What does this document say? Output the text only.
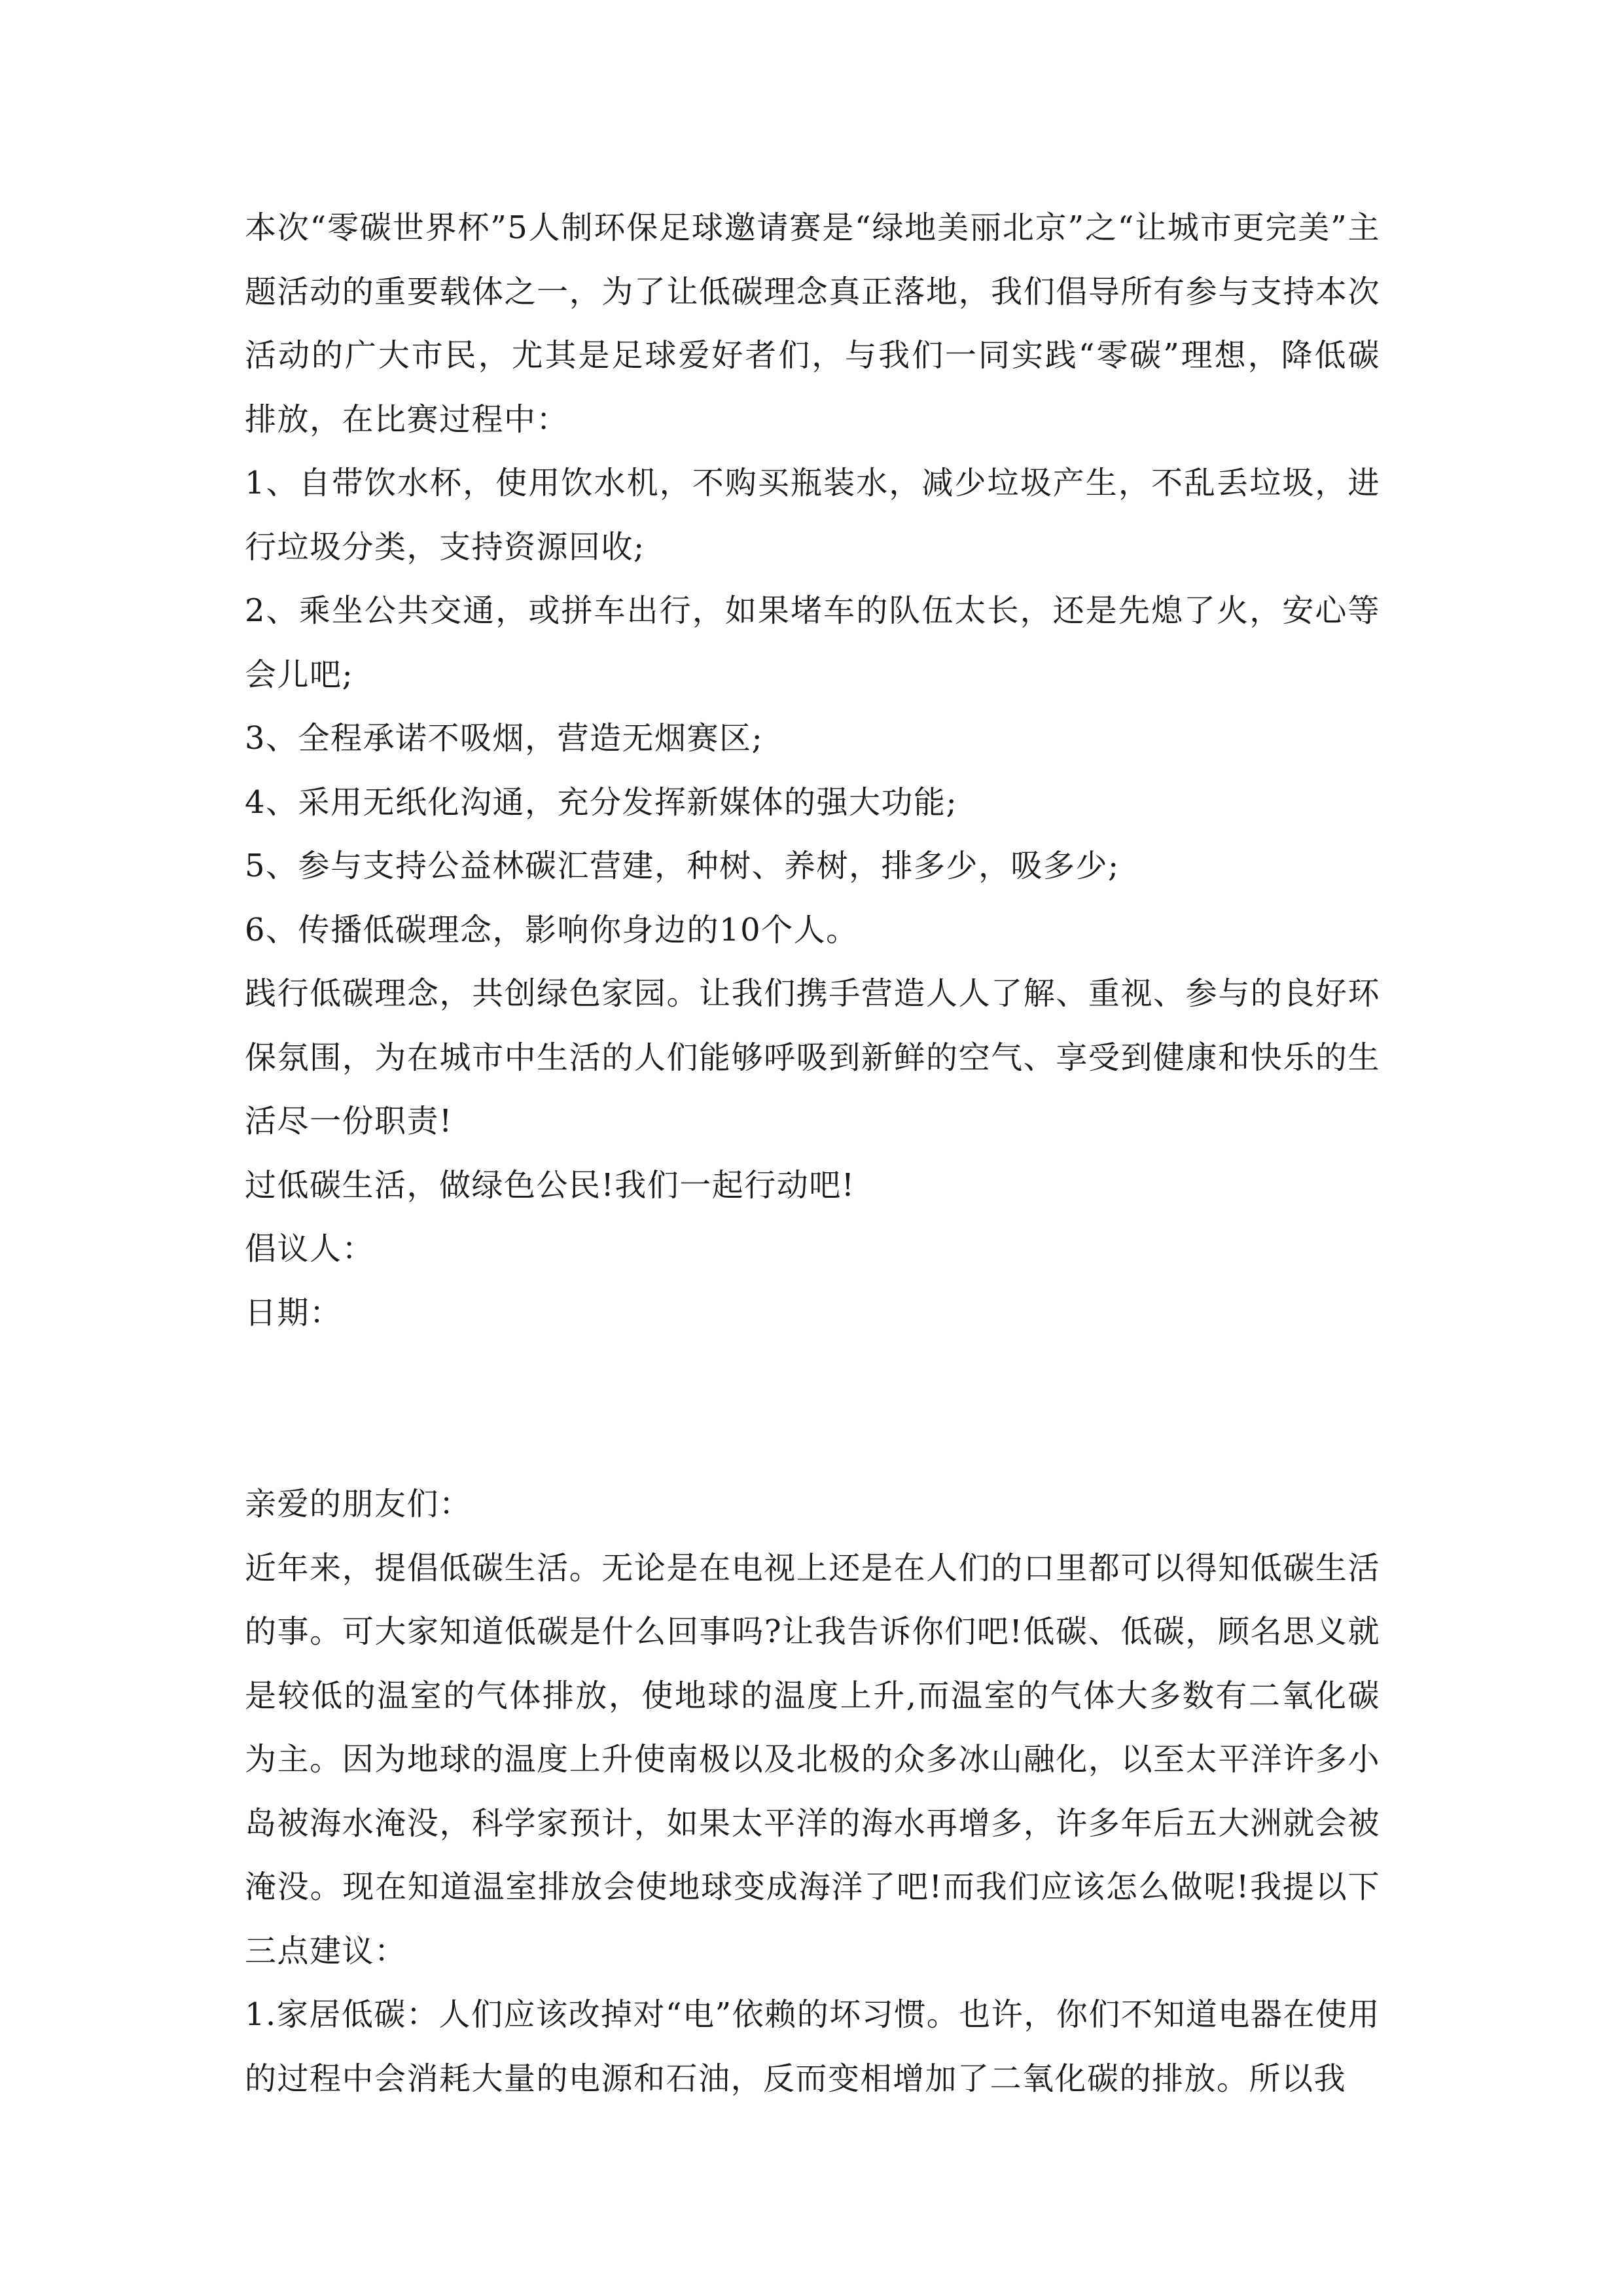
本次“零碳世界杯”5人制环保足球邀请赛是“绿地美丽北京”之“让城市更完美”主题活动的重要载体之一，为了让低碳理念真正落地，我们倡导所有参与支持本次活动的广大市民，尤其是足球爱好者们，与我们一同实践“零碳”理想，降低碳排放，在比赛过程中：

1、自带饮水杯，使用饮水机，不购买瓶装水，减少垃圾产生，不乱丢垃圾，进行垃圾分类，支持资源回收;

2、乘坐公共交通，或拼车出行，如果堵车的队伍太长，还是先熄了火，安心等会儿吧;

3、全程承诺不吸烟，营造无烟赛区;

4、采用无纸化沟通，充分发挥新媒体的强大功能;

5、参与支持公益林碳汇营建，种树、养树，排多少，吸多少;

6、传播低碳理念，影响你身边的10个人。

践行低碳理念，共创绿色家园。让我们携手营造人人了解、重视、参与的良好环保氛围，为在城市中生活的人们能够呼吸到新鲜的空气、享受到健康和快乐的生活尽一份职责!

过低碳生活，做绿色公民!我们一起行动吧!

倡议人：

日期：

亲爱的朋友们：

近年来，提倡低碳生活。无论是在电视上还是在人们的口里都可以得知低碳生活的事。可大家知道低碳是什么回事吗?让我告诉你们吧!低碳、低碳，顾名思义就是较低的温室的气体排放，使地球的温度上升,而温室的气体大多数有二氧化碳为主。因为地球的温度上升使南极以及北极的众多冰山融化，以至太平洋许多小岛被海水淹没，科学家预计，如果太平洋的海水再增多，许多年后五大洲就会被淹没。现在知道温室排放会使地球变成海洋了吧!而我们应该怎么做呢!我提以下三点建议：

1.家居低碳：人们应该改掉对“电”依赖的坏习惯。也许，你们不知道电器在使用的过程中会消耗大量的电源和石油，反而变相增加了二氧化碳的排放。所以我
